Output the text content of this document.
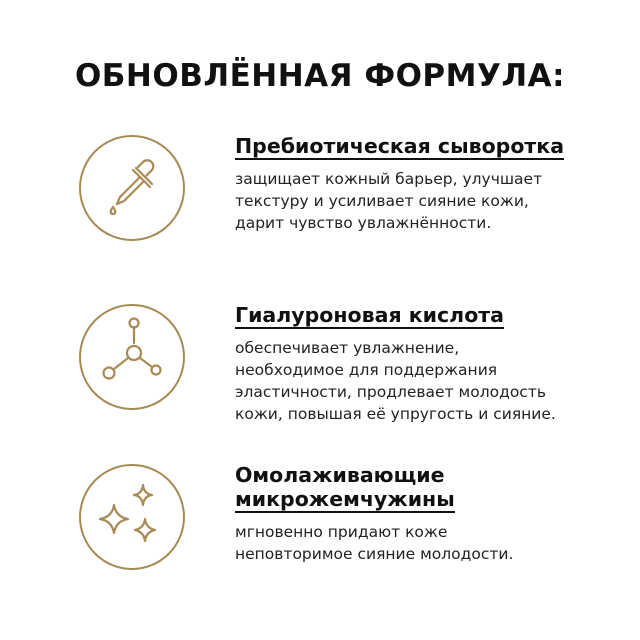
ОБНОВЛЁННАЯ ФОРМУЛА:
Пребиотическая сыворотка
защищает кожный барьер, улучшает
текстуру и усиливает сияние кожи,
дарит чувство увлажнённости.
Гиалуроновая кислота
обеспечивает увлажнение,
необходимое для поддержания
эластичности, продлевает молодость
кожи, повышая её упругость и сияние.
Омолаживающие
микрожемчужины
мгновенно придают коже
неповторимое сияние молодости.
